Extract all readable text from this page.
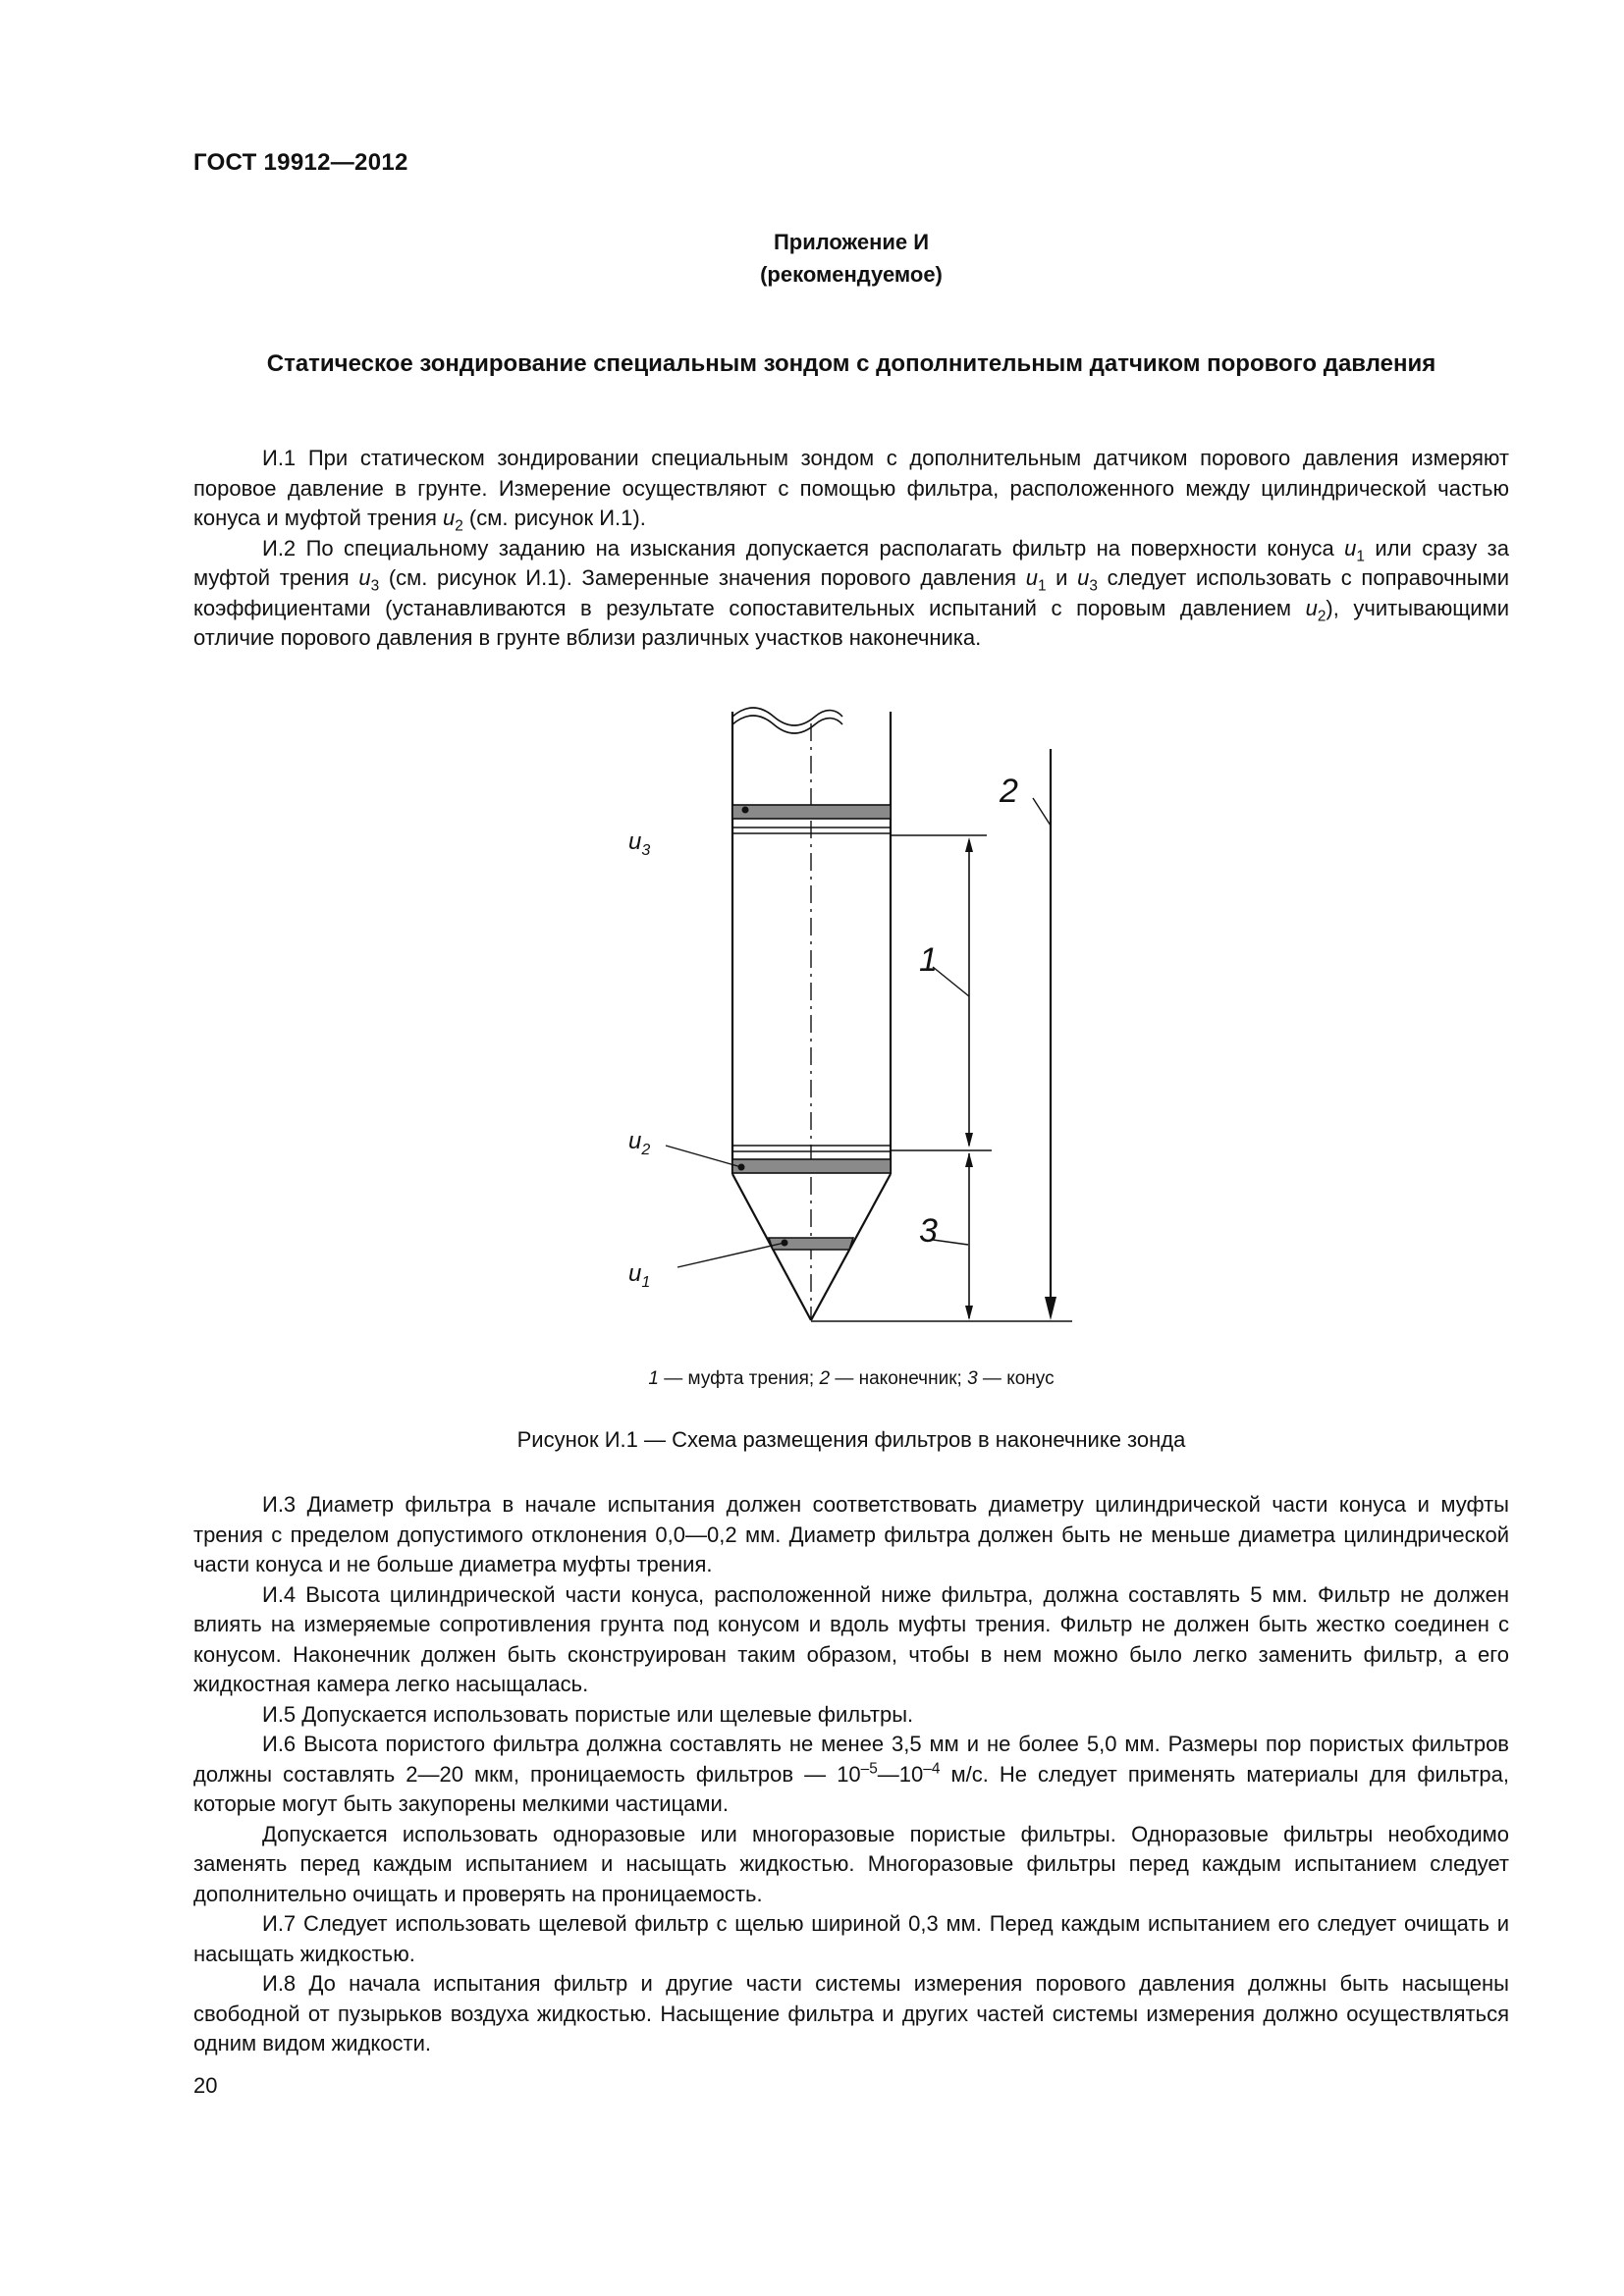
ГОСТ 19912—2012
Приложение И
(рекомендуемое)
Статическое зондирование специальным зондом с дополнительным датчиком порового давления

И.1 При статическом зондировании специальным зондом с дополнительным датчиком порового давления измеряют поровое давление в грунте. Измерение осуществляют с помощью фильтра, расположенного между цилиндрической частью конуса и муфтой трения $u_2$ (см. рисунок И.1).

И.2 По специальному заданию на изыскания допускается располагать фильтр на поверхности конуса $u_1$ или сразу за муфтой трения $u_3$ (см. рисунок И.1). Замеренные значения порового давления $u_1$ и $u_3$ следует использовать с поправочными коэффициентами (устанавливаются в результате сопоставительных испытаний с поровым давлением $u_2$), учитывающими отличие порового давления в грунте вблизи различных участков наконечника.

$u_3$
$u_2$
$u_1$
1
2
3
1 — муфта трения; 2 — наконечник; 3 — конус
Рисунок И.1 — Схема размещения фильтров в наконечнике зонда

И.3 Диаметр фильтра в начале испытания должен соответствовать диаметру цилиндрической части конуса и муфты трения с пределом допустимого отклонения 0,0—0,2 мм. Диаметр фильтра должен быть не меньше диаметра цилиндрической части конуса и не больше диаметра муфты трения.

И.4 Высота цилиндрической части конуса, расположенной ниже фильтра, должна составлять 5 мм. Фильтр не должен влиять на измеряемые сопротивления грунта под конусом и вдоль муфты трения. Фильтр не должен быть жестко соединен с конусом. Наконечник должен быть сконструирован таким образом, чтобы в нем можно было легко заменить фильтр, а его жидкостная камера легко насыщалась.

И.5 Допускается использовать пористые или щелевые фильтры.

И.6 Высота пористого фильтра должна составлять не менее 3,5 мм и не более 5,0 мм. Размеры пор пористых фильтров должны составлять 2—20 мкм, проницаемость фильтров — $10^{-5}—10^{-4}$ м/с. Не следует применять материалы для фильтра, которые могут быть закупорены мелкими частицами.

Допускается использовать одноразовые или многоразовые пористые фильтры. Одноразовые фильтры необходимо заменять перед каждым испытанием и насыщать жидкостью. Многоразовые фильтры перед каждым испытанием следует дополнительно очищать и проверять на проницаемость.

И.7 Следует использовать щелевой фильтр с щелью шириной 0,3 мм. Перед каждым испытанием его следует очищать и насыщать жидкостью.

И.8 До начала испытания фильтр и другие части системы измерения порового давления должны быть насыщены свободной от пузырьков воздуха жидкостью. Насыщение фильтра и других частей системы измерения должно осуществляться одним видом жидкости.

20
